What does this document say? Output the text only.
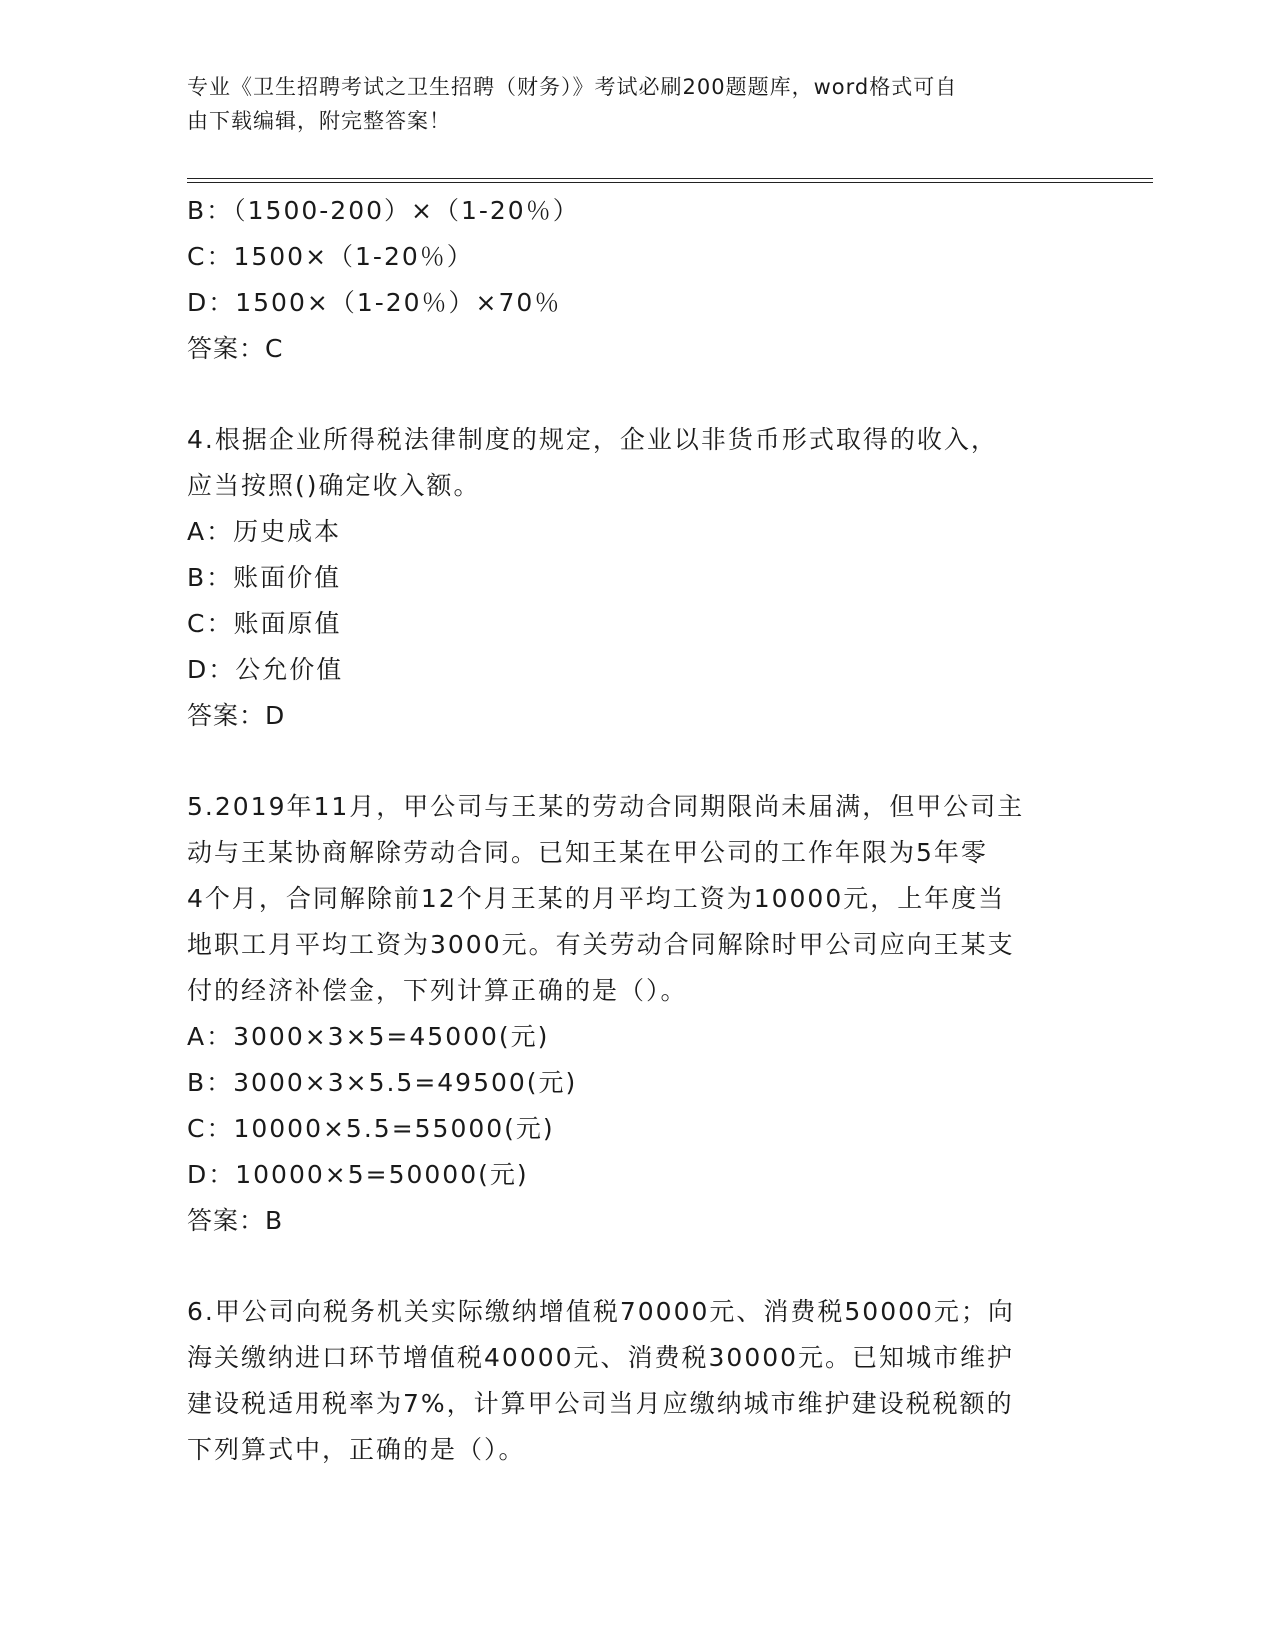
专业《卫生招聘考试之卫生招聘（财务）》考试必刷200题题库，word格式可自
由下载编辑，附完整答案！
B：（1500-200）×（1-20％）
C：1500×（1-20％）
D：1500×（1-20％）×70％
答案：C
4.根据企业所得税法律制度的规定，企业以非货币形式取得的收入，
应当按照()确定收入额。
A：历史成本
B：账面价值
C：账面原值
D：公允价值
答案：D
5.2019年11月，甲公司与王某的劳动合同期限尚未届满，但甲公司主
动与王某协商解除劳动合同。已知王某在甲公司的工作年限为5年零
4个月，合同解除前12个月王某的月平均工资为10000元，上年度当
地职工月平均工资为3000元。有关劳动合同解除时甲公司应向王某支
付的经济补偿金，下列计算正确的是（）。
A：3000×3×5=45000(元)
B：3000×3×5.5=49500(元)
C：10000×5.5=55000(元)
D：10000×5=50000(元)
答案：B
6.甲公司向税务机关实际缴纳增值税70000元、消费税50000元；向
海关缴纳进口环节增值税40000元、消费税30000元。已知城市维护
建设税适用税率为7%，计算甲公司当月应缴纳城市维护建设税税额的
下列算式中，正确的是（）。
